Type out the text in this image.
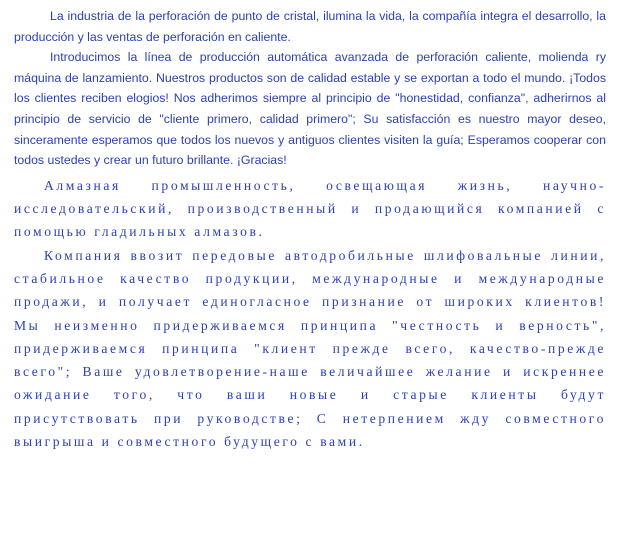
La industria de la perforación de punto de cristal, ilumina la vida, la compañía integra el desarrollo, la producción y las ventas de perforación en caliente.

Introducimos la línea de producción automática avanzada de perforación caliente, molienda ry máquina de lanzamiento. Nuestros productos son de calidad estable y se exportan a todo el mundo. ¡Todos los clientes reciben elogios! Nos adherimos siempre al principio de "honestidad, confianza", adherirnos al principio de servicio de "cliente primero, calidad primero"; Su satisfacción es nuestro mayor deseo, sinceramente esperamos que todos los nuevos y antiguos clientes visiten la guía; Esperamos cooperar con todos ustedes y crear un futuro brillante. ¡Gracias!

Алмазная промышленность, освещающая жизнь, научно-исследовательский, производственный и продающийся компанией с помощью гладильных алмазов.

Компания ввозит передовые автодробильные шлифовальные линии, стабильное качество продукции, международные и международные продажи, и получает единогласное признание от широких клиентов! Мы неизменно придерживаемся принципа "честность и верность", придерживаемся принципа "клиент прежде всего, качество-прежде всего"; Ваше удовлетворение-наше величайшее желание и искреннее ожидание того, что ваши новые и старые клиенты будут присутствовать при руководстве; С нетерпением жду совместного выигрыша и совместного будущего с вами.
